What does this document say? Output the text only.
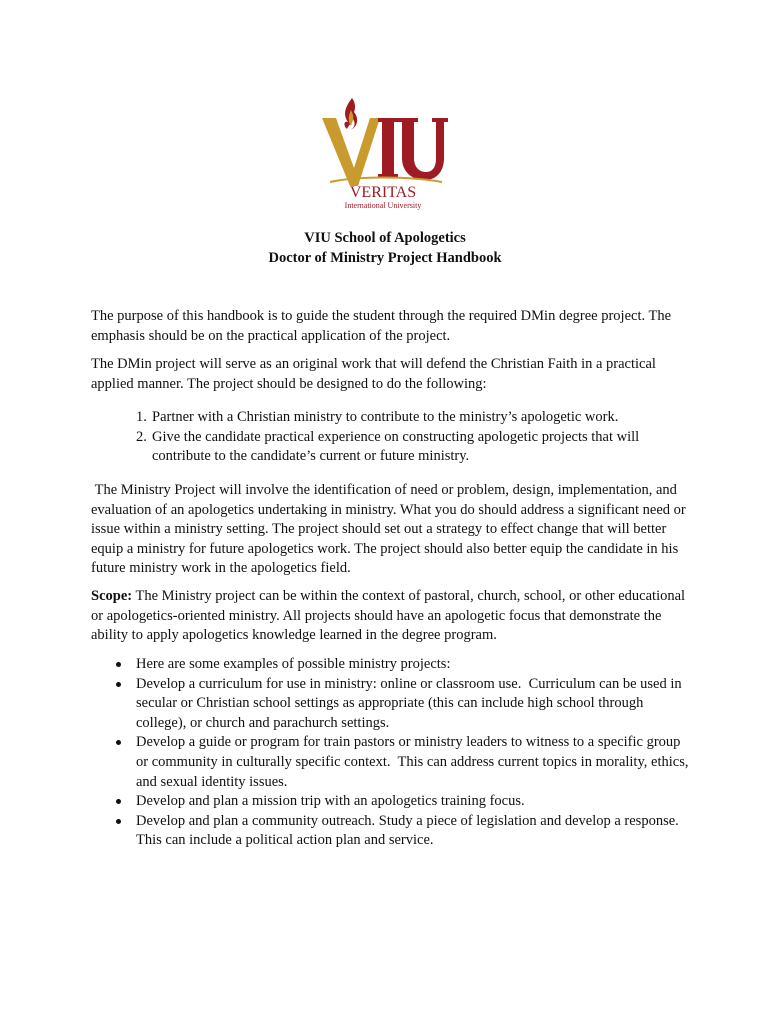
VERITAS
International University
VIU School of Apologetics
Doctor of Ministry Project Handbook

The purpose of this handbook is to guide the student through the required DMin degree project. The emphasis should be on the practical application of the project.

The DMin project will serve as an original work that will defend the Christian Faith in a practical applied manner. The project should be designed to do the following:

1. Partner with a Christian ministry to contribute to the ministry’s apologetic work.
2. Give the candidate practical experience on constructing apologetic projects that will contribute to the candidate’s current or future ministry.

The Ministry Project will involve the identification of need or problem, design, implementation, and evaluation of an apologetics undertaking in ministry. What you do should address a significant need or issue within a ministry setting. The project should set out a strategy to effect change that will better equip a ministry for future apologetics work. The project should also better equip the candidate in his future ministry work in the apologetics field.

Scope: The Ministry project can be within the context of pastoral, church, school, or other educational or apologetics-oriented ministry. All projects should have an apologetic focus that demonstrate the ability to apply apologetics knowledge learned in the degree program.

Here are some examples of possible ministry projects:
Develop a curriculum for use in ministry: online or classroom use.  Curriculum can be used in secular or Christian school settings as appropriate (this can include high school through college), or church and parachurch settings.
Develop a guide or program for train pastors or ministry leaders to witness to a specific group or community in culturally specific context.  This can address current topics in morality, ethics, and sexual identity issues.
Develop and plan a mission trip with an apologetics training focus.
Develop and plan a community outreach. Study a piece of legislation and develop a response. This can include a political action plan and service.
